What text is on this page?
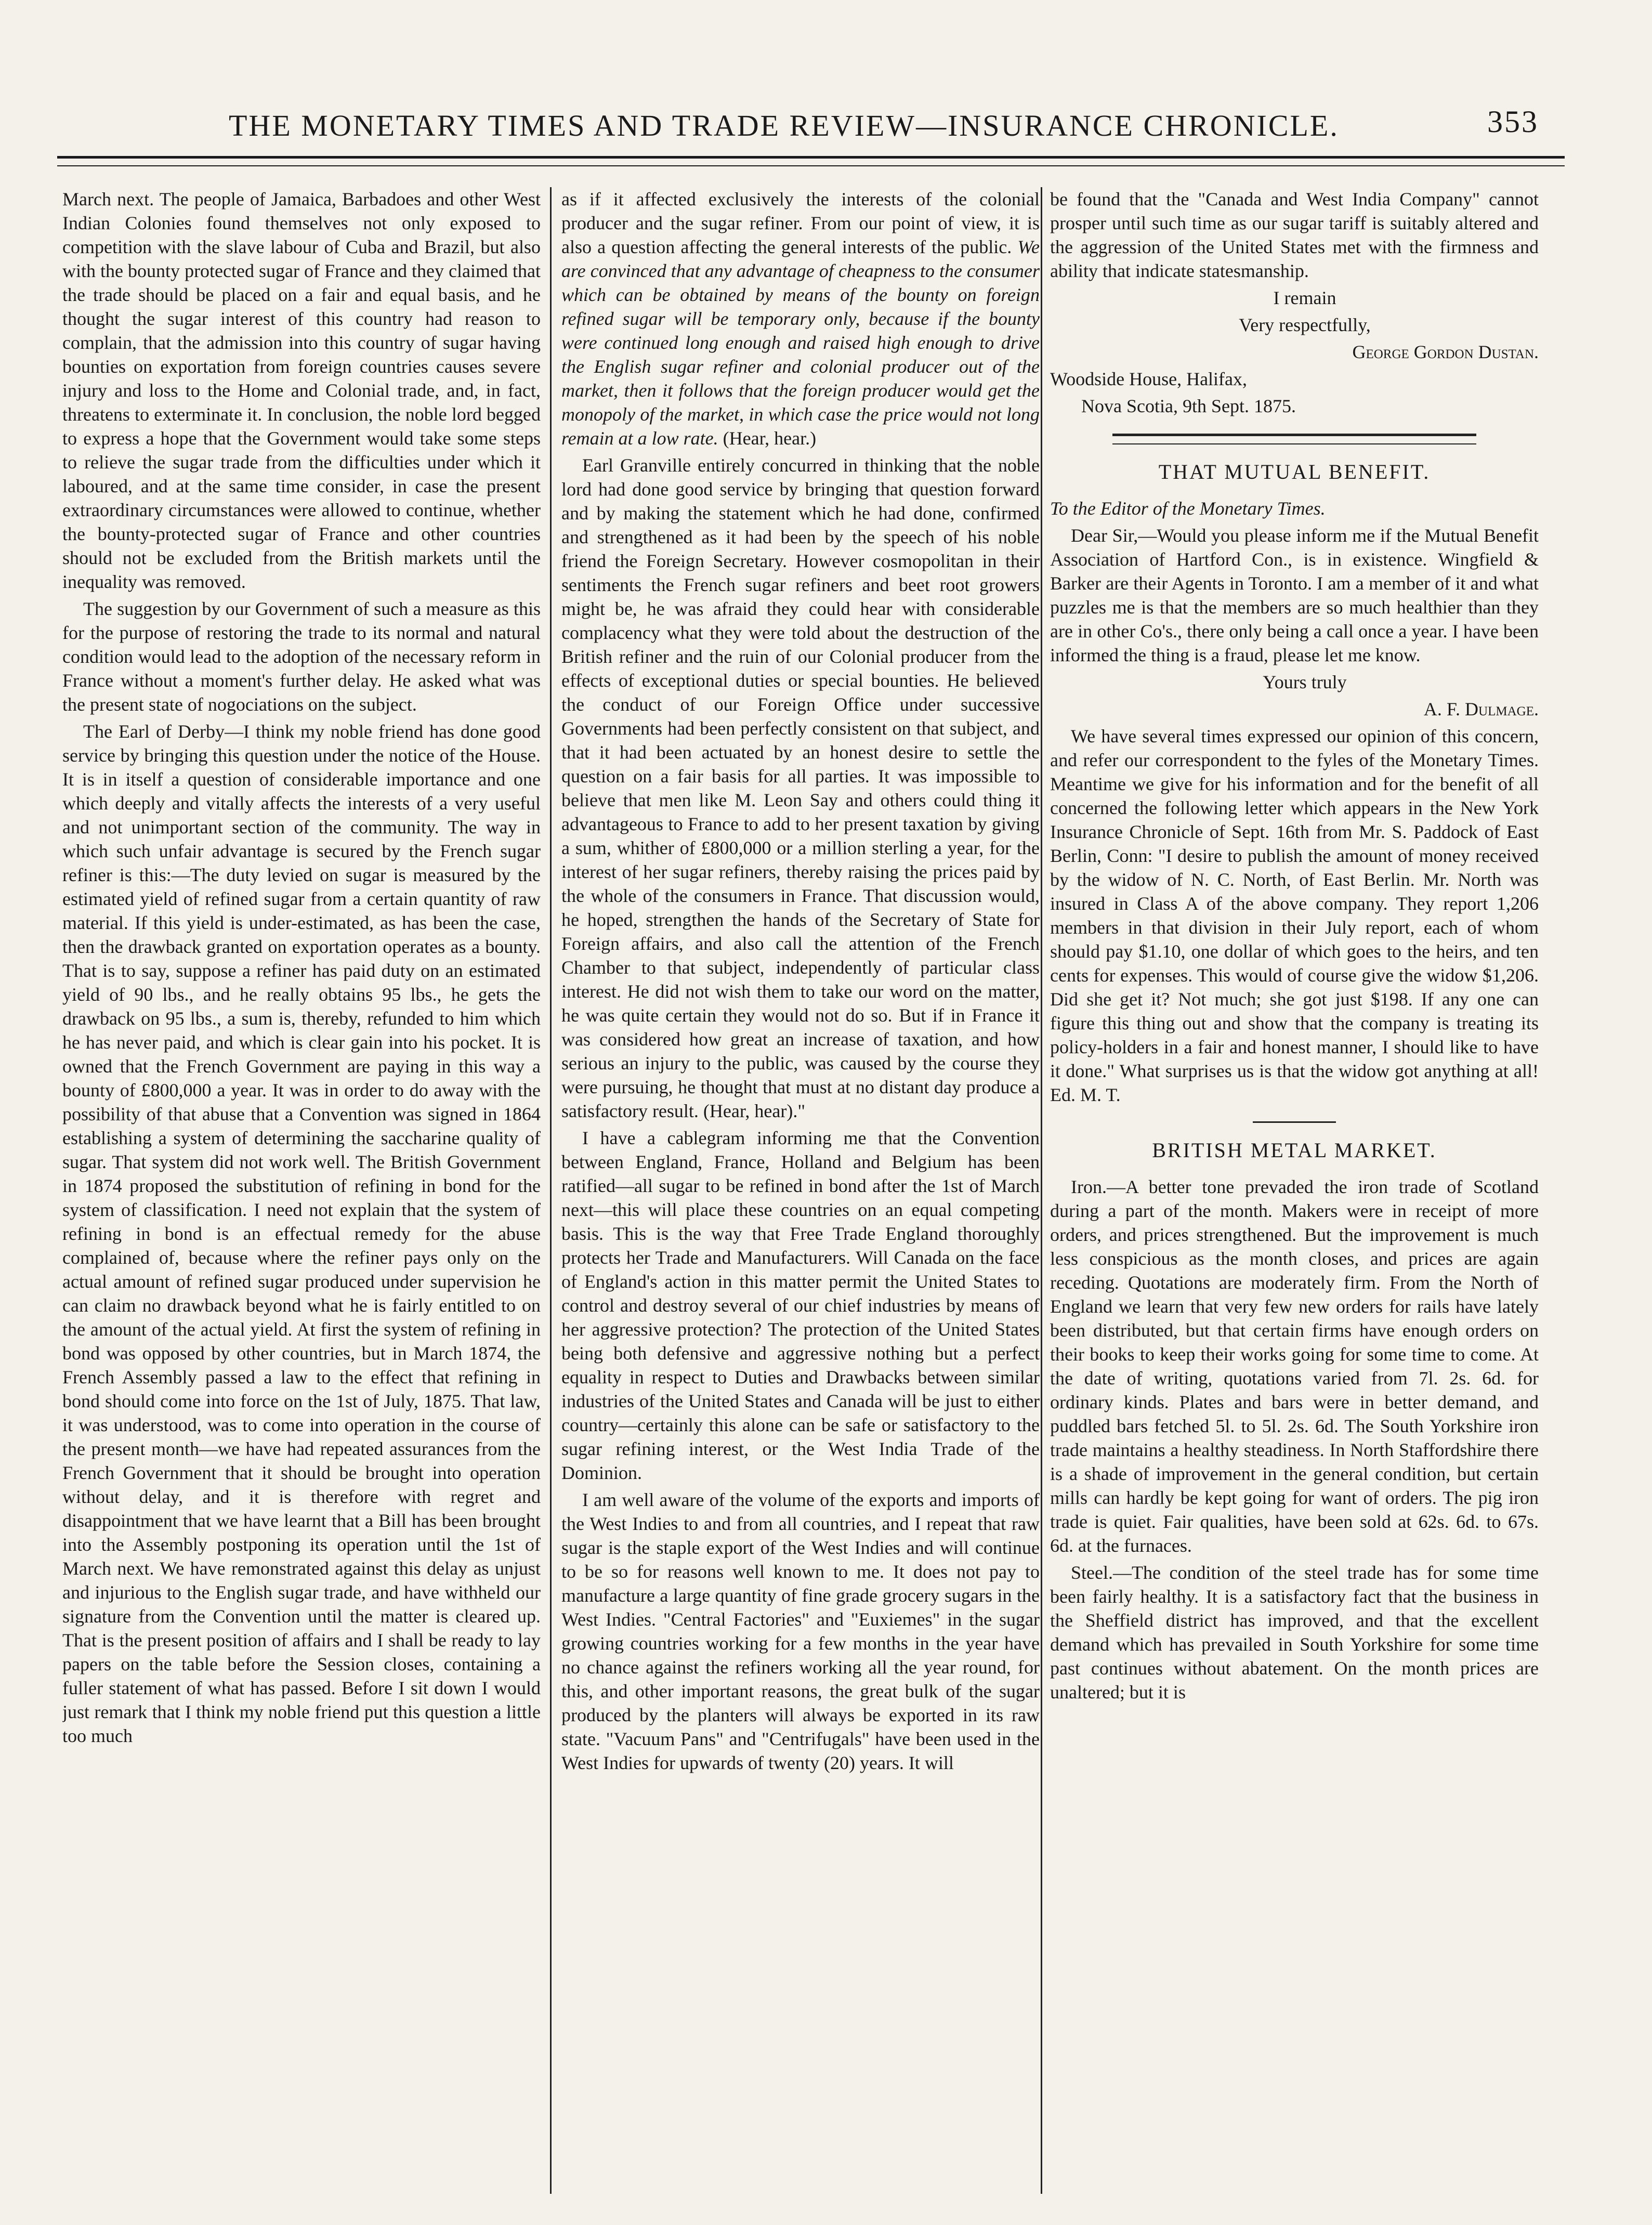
THE MONETARY TIMES AND TRADE REVIEW—INSURANCE CHRONICLE.	353

March next. The people of Jamaica, Barbadoes and other West Indian Colonies found themselves not only exposed to competition with the slave labour of Cuba and Brazil, but also with the bounty protected sugar of France and they claimed that the trade should be placed on a fair and equal basis, and he thought the sugar interest of this country had reason to complain, that the admission into this country of sugar having bounties on exportation from foreign countries causes severe injury and loss to the Home and Colonial trade, and, in fact, threatens to exterminate it. In conclusion, the noble lord begged to express a hope that the Government would take some steps to relieve the sugar trade from the difficulties under which it laboured, and at the same time consider, in case the present extraordinary circumstances were allowed to continue, whether the bounty-protected sugar of France and other countries should not be excluded from the British markets until the inequality was removed.

The suggestion by our Government of such a measure as this for the purpose of restoring the trade to its normal and natural condition would lead to the adoption of the necessary reform in France without a moment's further delay. He asked what was the present state of nogociations on the subject.

The Earl of Derby—I think my noble friend has done good service by bringing this question under the notice of the House. It is in itself a question of considerable importance and one which deeply and vitally affects the interests of a very useful and not unimportant section of the community. The way in which such unfair advantage is secured by the French sugar refiner is this:—The duty levied on sugar is measured by the estimated yield of refined sugar from a certain quantity of raw material. If this yield is under-estimated, as has been the case, then the drawback granted on exportation operates as a bounty. That is to say, suppose a refiner has paid duty on an estimated yield of 90 lbs., and he really obtains 95 lbs., he gets the drawback on 95 lbs., a sum is, thereby, refunded to him which he has never paid, and which is clear gain into his pocket. It is owned that the French Government are paying in this way a bounty of £800,000 a year. It was in order to do away with the possibility of that abuse that a Convention was signed in 1864 establishing a system of determining the saccharine quality of sugar. That system did not work well. The British Government in 1874 proposed the substitution of refining in bond for the system of classification. I need not explain that the system of refining in bond is an effectual remedy for the abuse complained of, because where the refiner pays only on the actual amount of refined sugar produced under supervision he can claim no drawback beyond what he is fairly entitled to on the amount of the actual yield. At first the system of refining in bond was opposed by other countries, but in March 1874, the French Assembly passed a law to the effect that refining in bond should come into force on the 1st of July, 1875. That law, it was understood, was to come into operation in the course of the present month—we have had repeated assurances from the French Government that it should be brought into operation without delay, and it is therefore with regret and disappointment that we have learnt that a Bill has been brought into the Assembly postponing its operation until the 1st of March next. We have remonstrated against this delay as unjust and injurious to the English sugar trade, and have withheld our signature from the Convention until the matter is cleared up. That is the present position of affairs and I shall be ready to lay papers on the table before the Session closes, containing a fuller statement of what has passed. Before I sit down I would just remark that I think my noble friend put this question a little too much

as if it affected exclusively the interests of the colonial producer and the sugar refiner. From our point of view, it is also a question affecting the general interests of the public. We are convinced that any advantage of cheapness to the consumer which can be obtained by means of the bounty on foreign refined sugar will be temporary only, because if the bounty were continued long enough and raised high enough to drive the English sugar refiner and colonial producer out of the market, then it follows that the foreign producer would get the monopoly of the market, in which case the price would not long remain at a low rate. (Hear, hear.)

Earl Granville entirely concurred in thinking that the noble lord had done good service by bringing that question forward and by making the statement which he had done, confirmed and strengthened as it had been by the speech of his noble friend the Foreign Secretary. However cosmopolitan in their sentiments the French sugar refiners and beet root growers might be, he was afraid they could hear with considerable complacency what they were told about the destruction of the British refiner and the ruin of our Colonial producer from the effects of exceptional duties or special bounties. He believed the conduct of our Foreign Office under successive Governments had been perfectly consistent on that subject, and that it had been actuated by an honest desire to settle the question on a fair basis for all parties. It was impossible to believe that men like M. Leon Say and others could thing it advantageous to France to add to her present taxation by giving a sum, whither of £800,000 or a million sterling a year, for the interest of her sugar refiners, thereby raising the prices paid by the whole of the consumers in France. That discussion would, he hoped, strengthen the hands of the Secretary of State for Foreign affairs, and also call the attention of the French Chamber to that subject, independently of particular class interest. He did not wish them to take our word on the matter, he was quite certain they would not do so. But if in France it was considered how great an increase of taxation, and how serious an injury to the public, was caused by the course they were pursuing, he thought that must at no distant day produce a satisfactory result. (Hear, hear)."

I have a cablegram informing me that the Convention between England, France, Holland and Belgium has been ratified—all sugar to be refined in bond after the 1st of March next—this will place these countries on an equal competing basis. This is the way that Free Trade England thoroughly protects her Trade and Manufacturers. Will Canada on the face of England's action in this matter permit the United States to control and destroy several of our chief industries by means of her aggressive protection? The protection of the United States being both defensive and aggressive nothing but a perfect equality in respect to Duties and Drawbacks between similar industries of the United States and Canada will be just to either country—certainly this alone can be safe or satisfactory to the sugar refining interest, or the West India Trade of the Dominion.

I am well aware of the volume of the exports and imports of the West Indies to and from all countries, and I repeat that raw sugar is the staple export of the West Indies and will continue to be so for reasons well known to me. It does not pay to manufacture a large quantity of fine grade grocery sugars in the West Indies. "Central Factories" and "Euxiemes" in the sugar growing countries working for a few months in the year have no chance against the refiners working all the year round, for this, and other important reasons, the great bulk of the sugar produced by the planters will always be exported in its raw state. "Vacuum Pans" and "Centrifugals" have been used in the West Indies for upwards of twenty (20) years. It will

be found that the "Canada and West India Company" cannot prosper until such time as our sugar tariff is suitably altered and the aggression of the United States met with the firmness and ability that indicate statesmanship.

I remain

Very respectfully,

George Gordon Dustan.

Woodside House, Halifax,

Nova Scotia, 9th Sept. 1875.

THAT MUTUAL BENEFIT.

To the Editor of the Monetary Times.

Dear Sir,—Would you please inform me if the Mutual Benefit Association of Hartford Con., is in existence. Wingfield & Barker are their Agents in Toronto. I am a member of it and what puzzles me is that the members are so much healthier than they are in other Co's., there only being a call once a year. I have been informed the thing is a fraud, please let me know.

Yours truly

A. F. Dulmage.

We have several times expressed our opinion of this concern, and refer our correspondent to the fyles of the Monetary Times. Meantime we give for his information and for the benefit of all concerned the following letter which appears in the New York Insurance Chronicle of Sept. 16th from Mr. S. Paddock of East Berlin, Conn: "I desire to publish the amount of money received by the widow of N. C. North, of East Berlin. Mr. North was insured in Class A of the above company. They report 1,206 members in that division in their July report, each of whom should pay $1.10, one dollar of which goes to the heirs, and ten cents for expenses. This would of course give the widow $1,206. Did she get it? Not much; she got just $198. If any one can figure this thing out and show that the company is treating its policy-holders in a fair and honest manner, I should like to have it done." What surprises us is that the widow got anything at all! Ed. M. T.

BRITISH METAL MARKET.

Iron.—A better tone prevaded the iron trade of Scotland during a part of the month. Makers were in receipt of more orders, and prices strengthened. But the improvement is much less conspicious as the month closes, and prices are again receding. Quotations are moderately firm. From the North of England we learn that very few new orders for rails have lately been distributed, but that certain firms have enough orders on their books to keep their works going for some time to come. At the date of writing, quotations varied from 7l. 2s. 6d. for ordinary kinds. Plates and bars were in better demand, and puddled bars fetched 5l. to 5l. 2s. 6d. The South Yorkshire iron trade maintains a healthy steadiness. In North Staffordshire there is a shade of improvement in the general condition, but certain mills can hardly be kept going for want of orders. The pig iron trade is quiet. Fair qualities, have been sold at 62s. 6d. to 67s. 6d. at the furnaces.

Steel.—The condition of the steel trade has for some time been fairly healthy. It is a satisfactory fact that the business in the Sheffield district has improved, and that the excellent demand which has prevailed in South Yorkshire for some time past continues without abatement. On the month prices are unaltered; but it is
